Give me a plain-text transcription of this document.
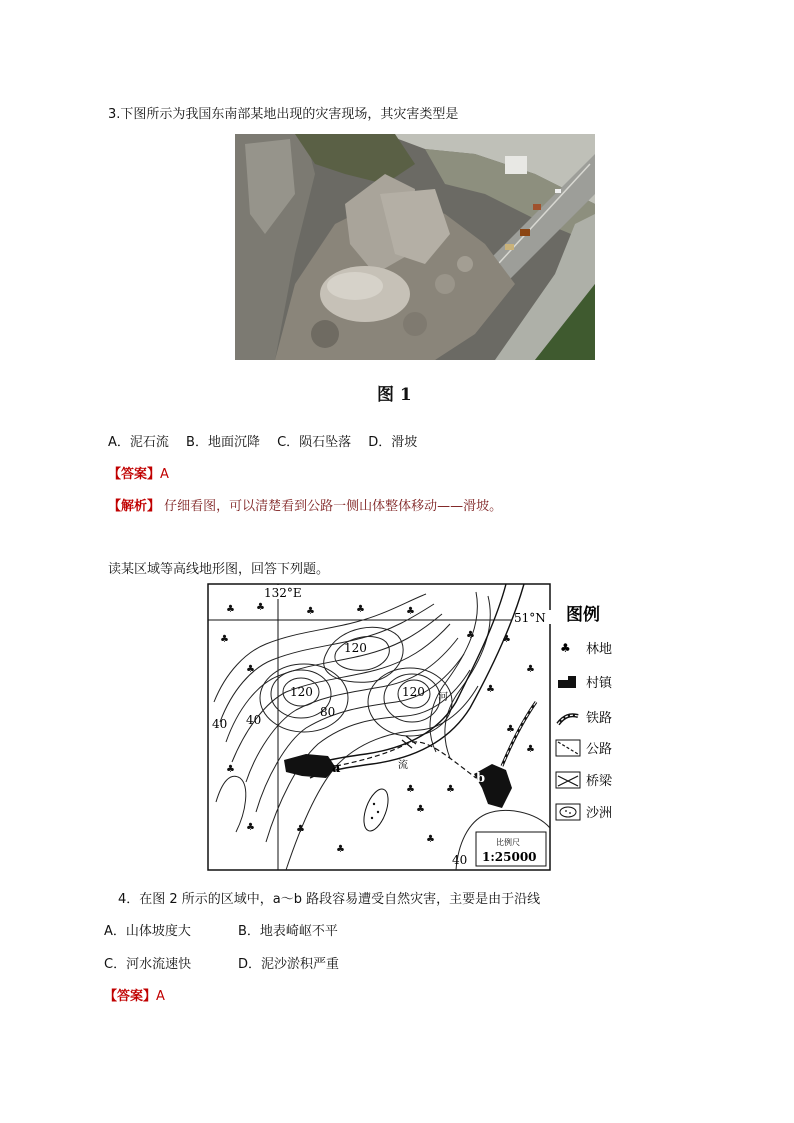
3.下图所示为我国东南部某地出现的灾害现场，其灾害类型是
图 1
A．泥石流　 B．地面沉降　 C．陨石坠落　 D．滑坡
【答案】A
【解析】 仔细看图，可以清楚看到公路一侧山体整体移动——滑坡。
读某区域等高线地形图，回答下列题。
132°E
51°N
河
流
a
b
120
120	120
80
40 40
40
♣ ♣	♣	♣	♣
♣	♣
♣
♣
♣
♣
♣
♣	♣
♣
♣
♣
♣
♣
♣
♣
比例尺
1:25000
图例
♣ 林地
村镇
铁路
公路
桥梁
沙洲
4．在图 2 所示的区域中，a～b 路段容易遭受自然灾害，主要是由于沿线
A．山体坡度大	B．地表崎岖不平
C．河水流速快	D．泥沙淤积严重
【答案】A
